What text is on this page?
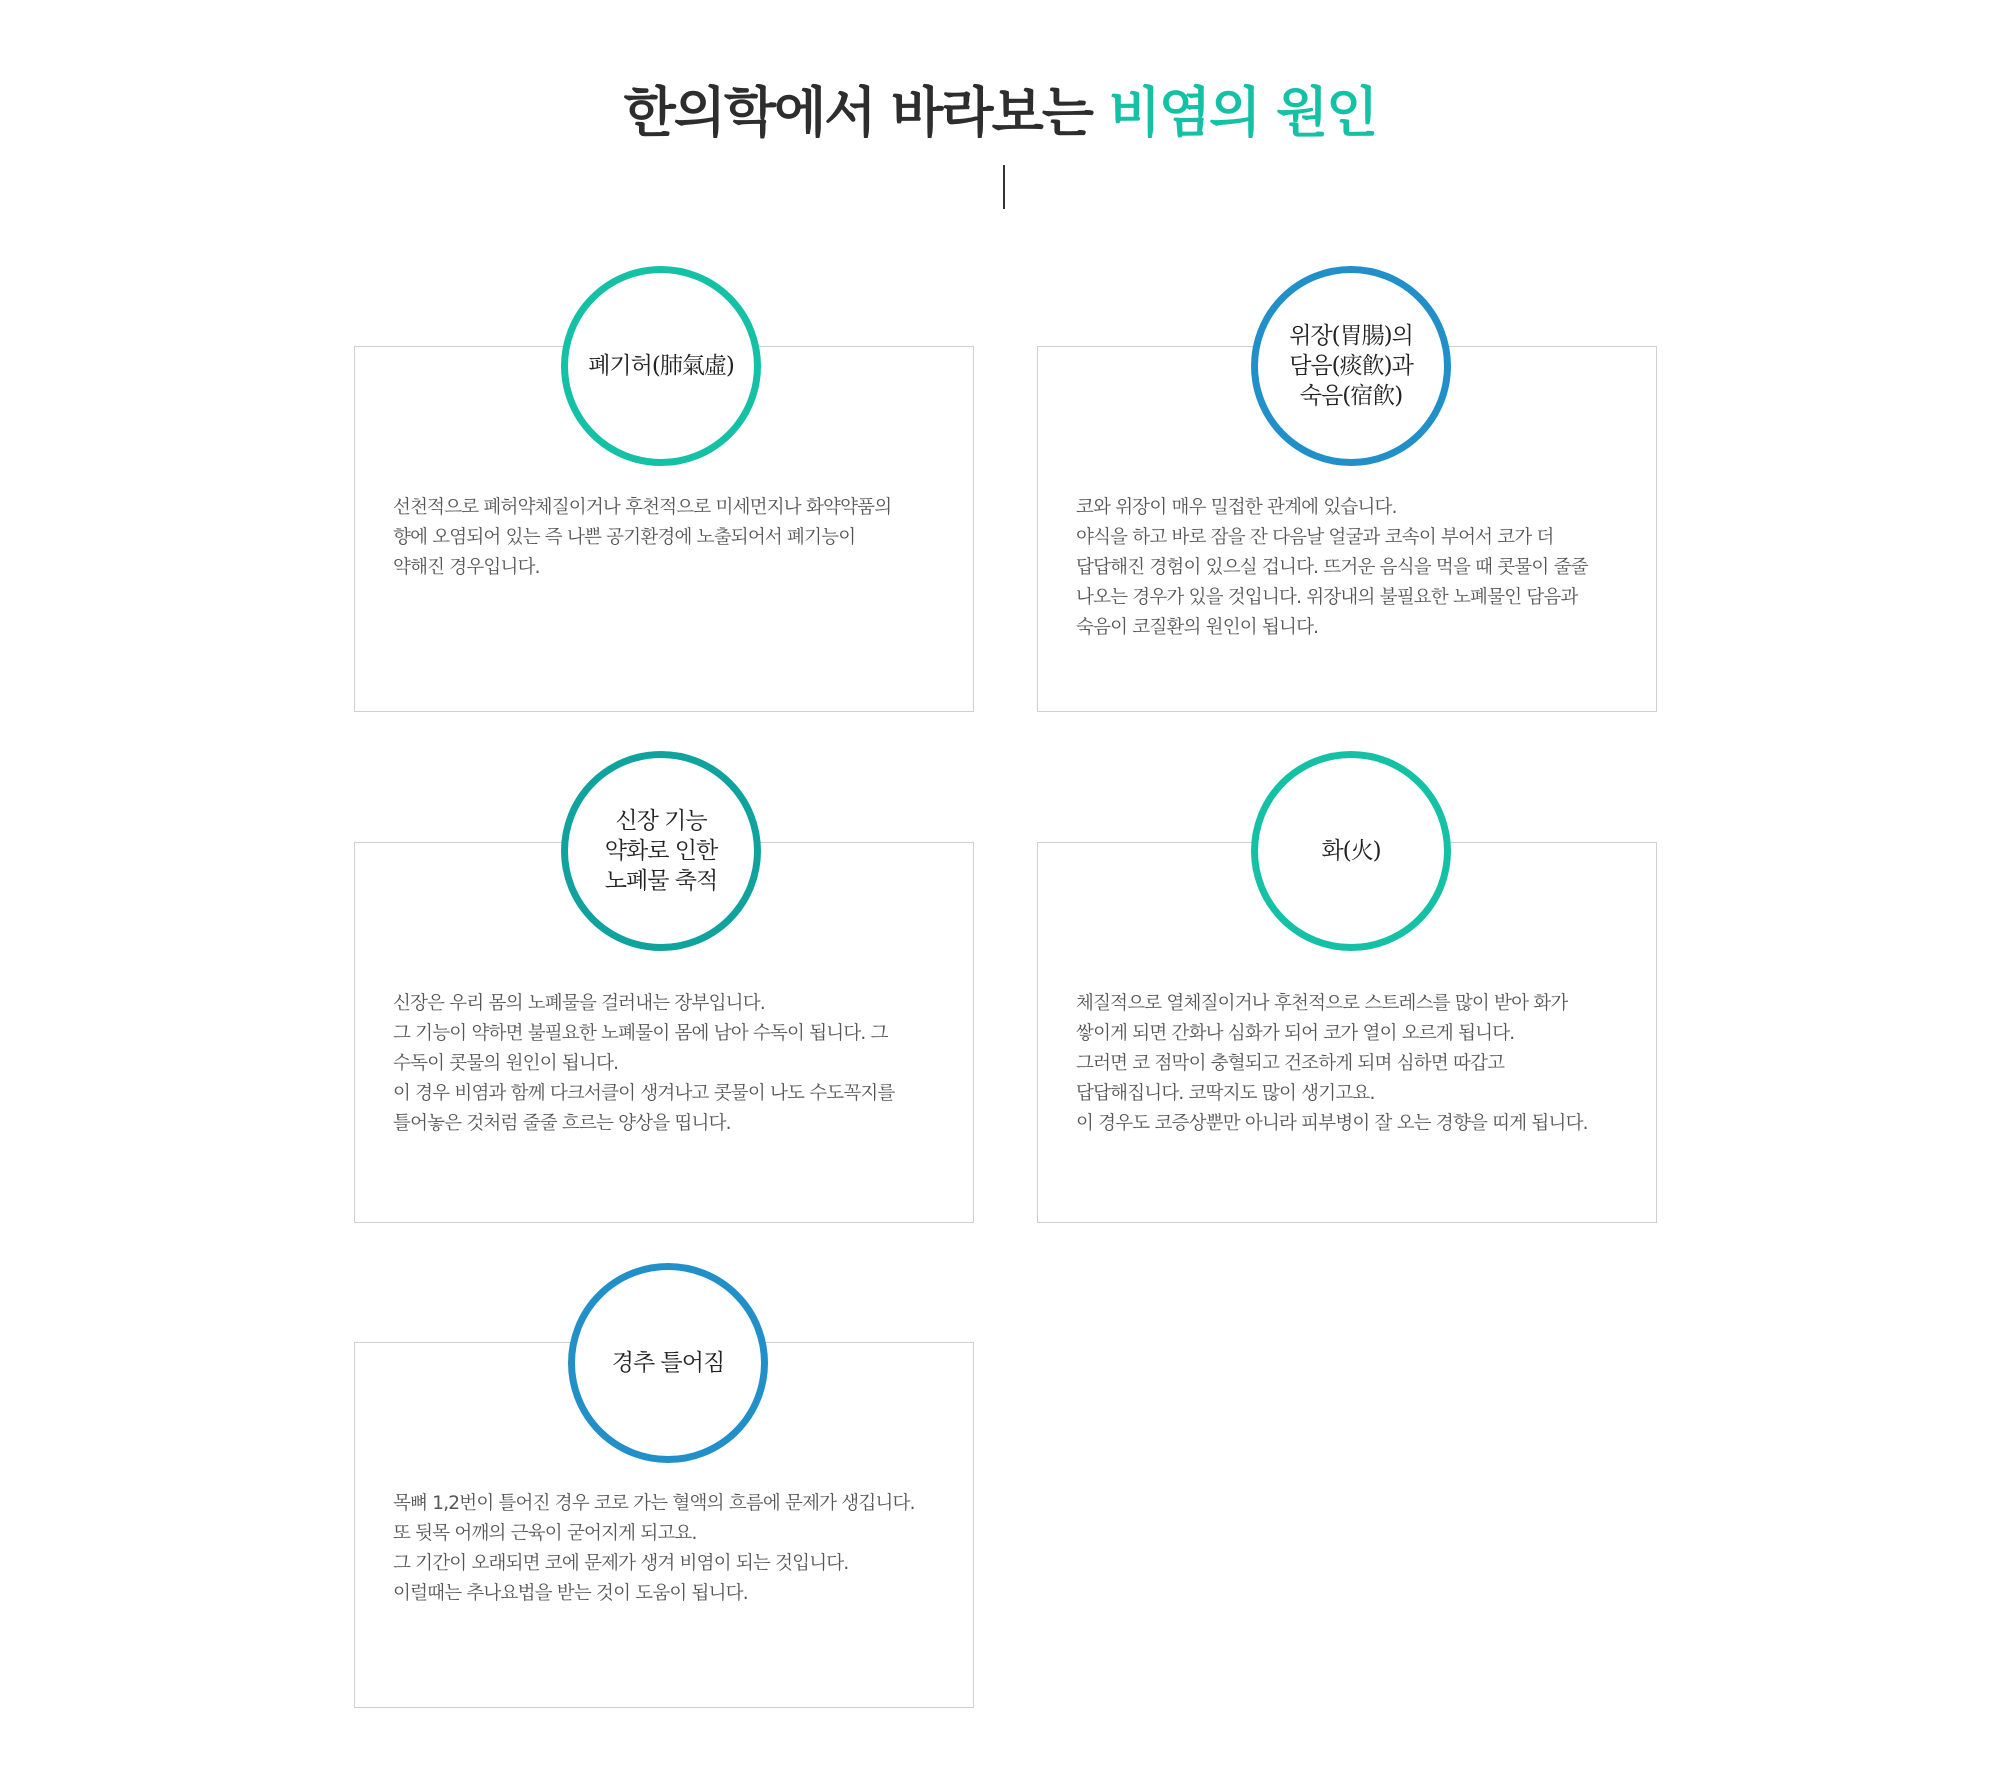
한의학에서 바라보는 비염의 원인

선천적으로 폐허약체질이거나 후천적으로 미세먼지나 화약약품의

향에 오염되어 있는 즉 나쁜 공기환경에 노출되어서 폐기능이

약해진 경우입니다.

폐기허(肺氣虛)

코와 위장이 매우 밀접한 관계에 있습니다.

야식을 하고 바로 잠을 잔 다음날 얼굴과 코속이 부어서 코가 더

답답해진 경험이 있으실 겁니다. 뜨거운 음식을 먹을 때 콧물이 줄줄

나오는 경우가 있을 것입니다. 위장내의 불필요한 노폐물인 담음과

숙음이 코질환의 원인이 됩니다.

위장(胃腸)의
담음(痰飮)과
숙음(宿飮)

신장은 우리 몸의 노폐물을 걸러내는 장부입니다.

그 기능이 약하면 불필요한 노폐물이 몸에 남아 수독이 됩니다. 그

수독이 콧물의 원인이 됩니다.

이 경우 비염과 함께 다크서클이 생겨나고 콧물이 나도 수도꼭지를

틀어놓은 것처럼 줄줄 흐르는 양상을 띱니다.

신장 기능
약화로 인한
노폐물 축적

체질적으로 열체질이거나 후천적으로 스트레스를 많이 받아 화가

쌓이게 되면 간화나 심화가 되어 코가 열이 오르게 됩니다.

그러면 코 점막이 충혈되고 건조하게 되며 심하면 따갑고

답답해집니다. 코딱지도 많이 생기고요.

이 경우도 코증상뿐만 아니라 피부병이 잘 오는 경향을 띠게 됩니다.

화(火)

목뼈 1,2번이 틀어진 경우 코로 가는 혈액의 흐름에 문제가 생깁니다.

또 뒷목 어깨의 근육이 굳어지게 되고요.

그 기간이 오래되면 코에 문제가 생겨 비염이 되는 것입니다.

이럴때는 추나요법을 받는 것이 도움이 됩니다.

경추 틀어짐
